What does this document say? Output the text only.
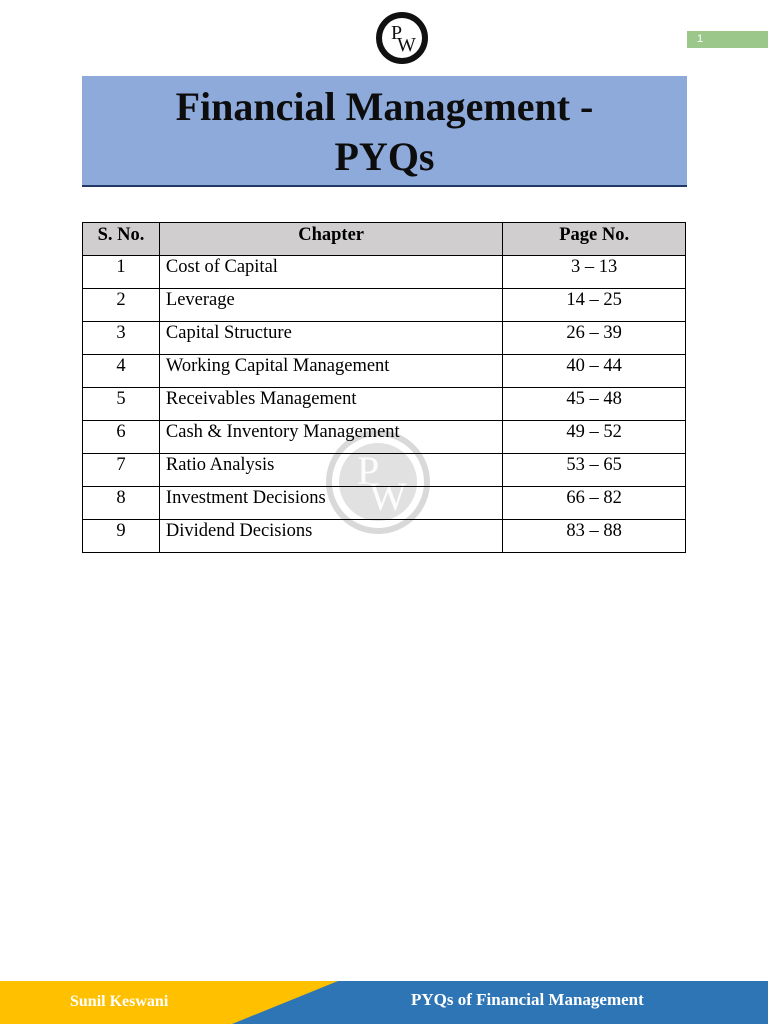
P
W	1
Financial Management -
PYQs
P
W
S. No.	Chapter	Page No.
1	Cost of Capital	3 – 13
2	Leverage	14 – 25
3	Capital Structure	26 – 39
4	Working Capital Management	40 – 44
5	Receivables Management	45 – 48
6	Cash & Inventory Management	49 – 52
7	Ratio Analysis	53 – 65
8	Investment Decisions	66 – 82
9	Dividend Decisions	83 – 88
Sunil Keswani	PYQs of Financial Management
